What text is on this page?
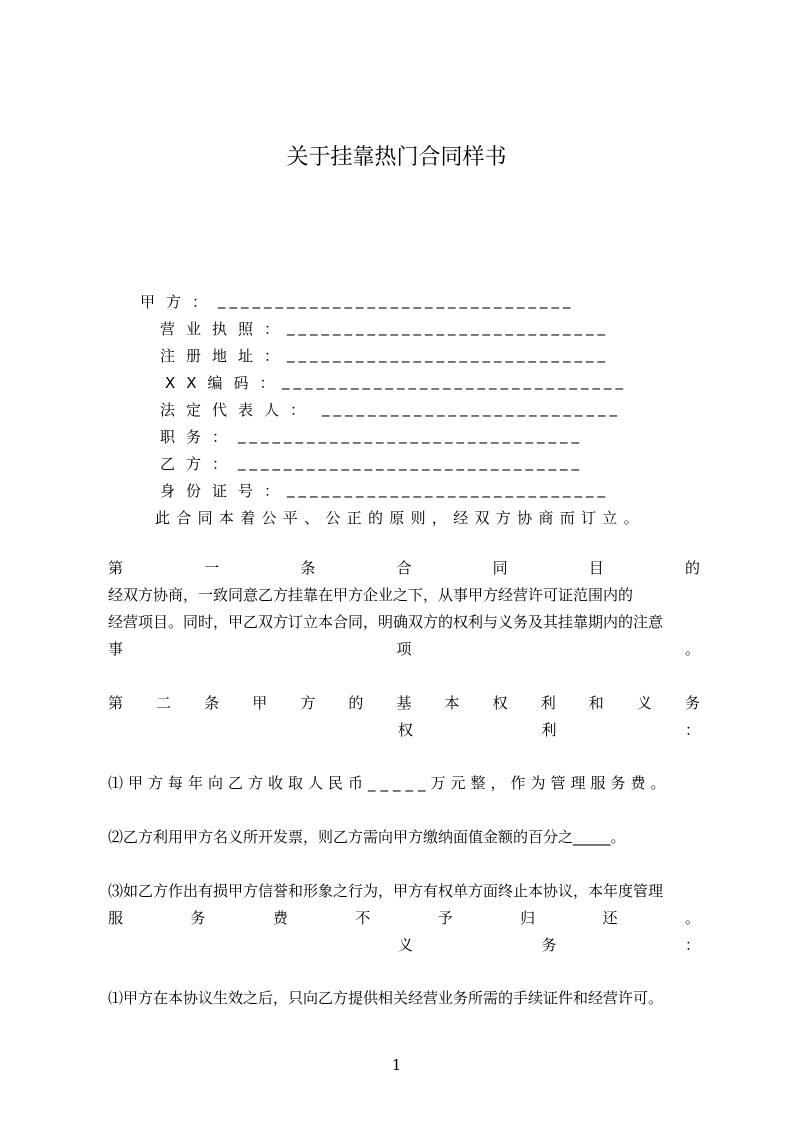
关于挂靠热门合同样书
甲方： _______________________________
营业执照：
____________________________
注册地址：
____________________________
XX编码：
______________________________
法定代表人： __________________________
职务： ______________________________
乙方： ______________________________
身份证号：
____________________________
此合同本着公平、公正的原则，经双方协商而订立。
第	一	条	合	同	目	的
经双方协商，一致同意乙方挂靠在甲方企业之下，从事甲方经营许可证范围内的
经营项目。同时，甲乙双方订立本合同，明确双方的权利与义务及其挂靠期内的注意
事	项	。
第 二 条 甲 方 的 基 本 权 利 和 义 务
权	利	：
⑴甲方每年向乙方收取人民币_____万元整，作为管理服务费。
⑵乙方利用甲方名义所开发票，则乙方需向甲方缴纳面值金额的百分之_____。
⑶如乙方作出有损甲方信誉和形象之行为，甲方有权单方面终止本协议，本年度管理
服	务	费	不	予	归	还	。
义	务	：
⑴甲方在本协议生效之后，只向乙方提供相关经营业务所需的手续证件和经营许可。
1
